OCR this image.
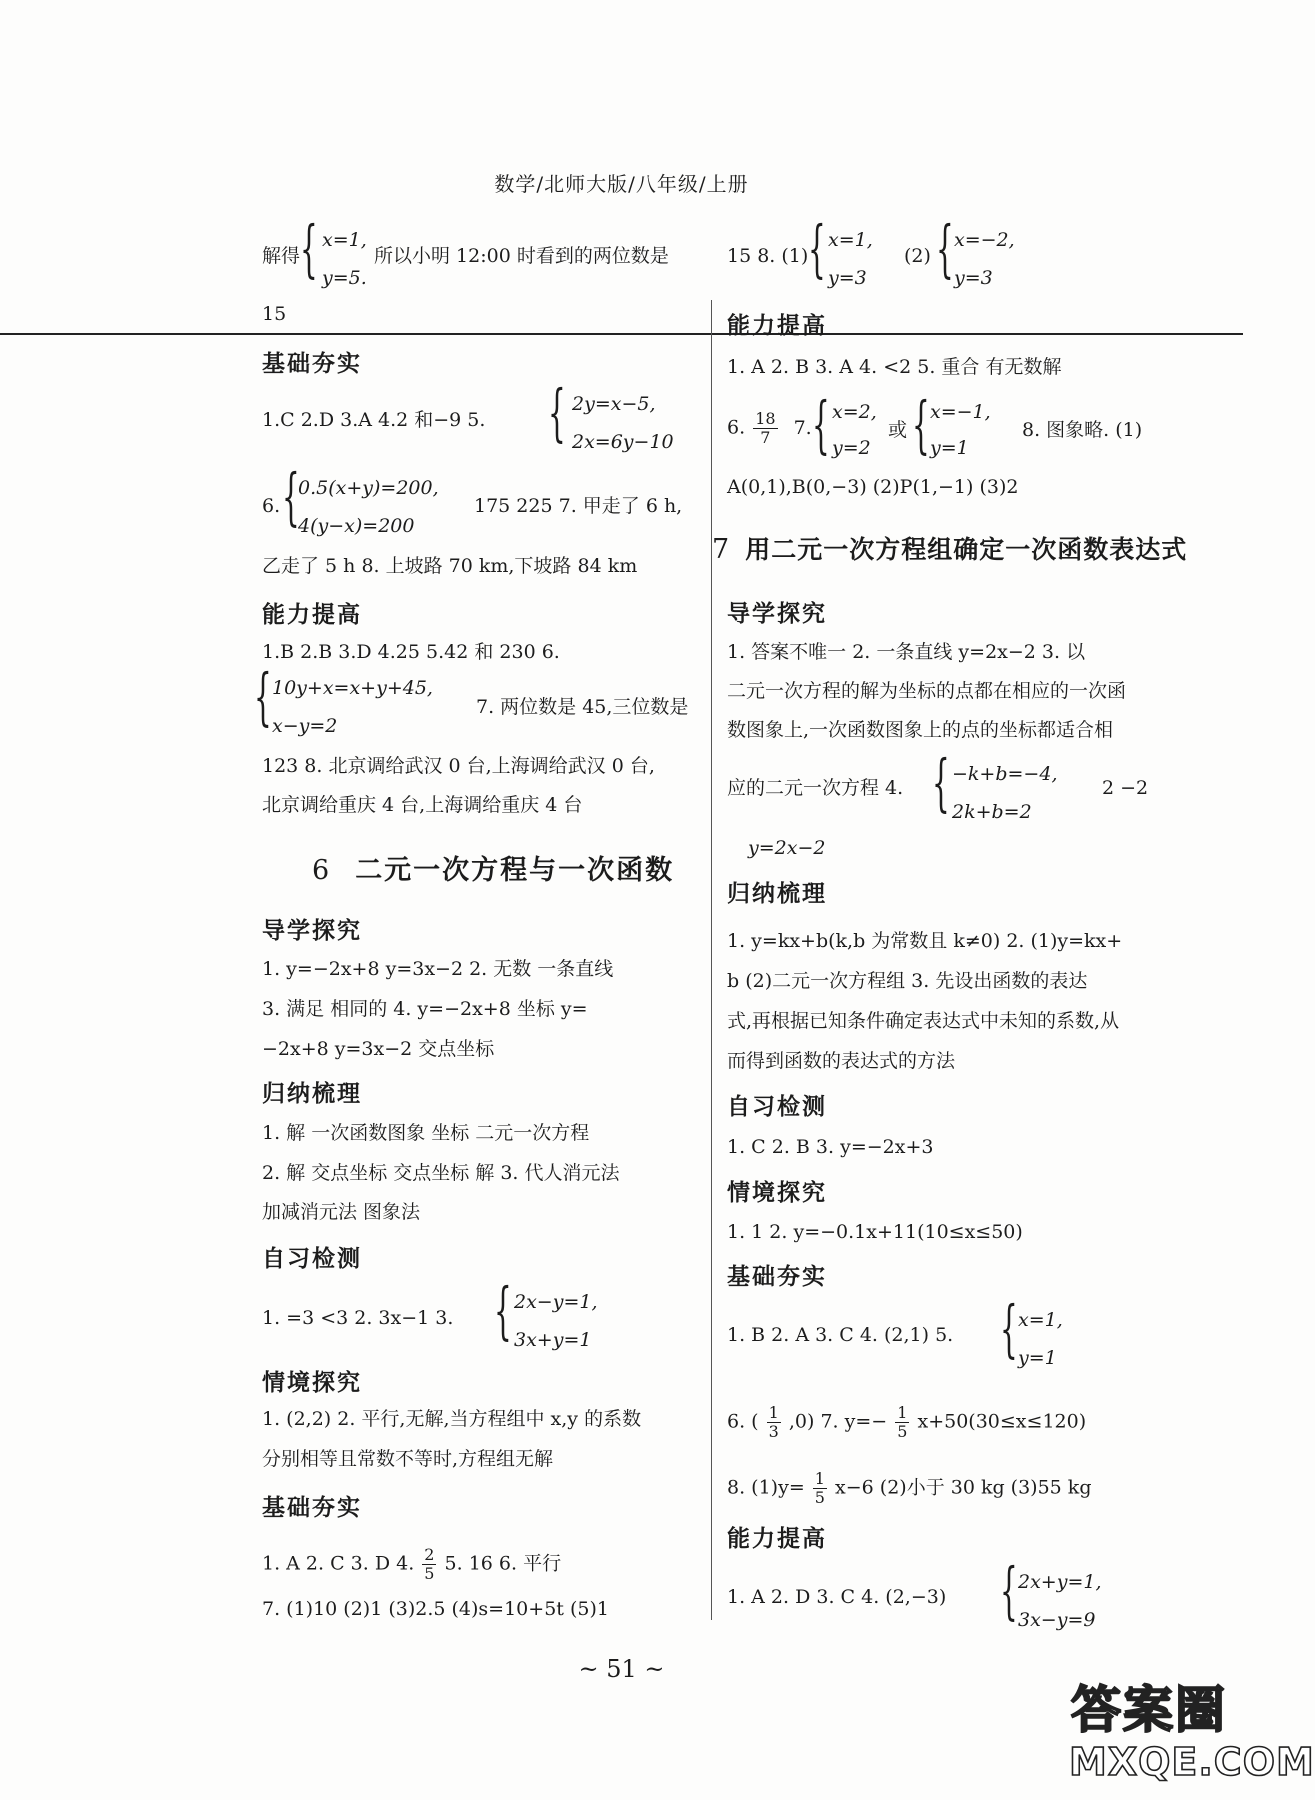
数学/北师大版/八年级/上册
解得 { x=1,
y=5.
所以小明 12:00 时看到的两位数是
15
基础夯实
1.C 2.D 3.A 4.2 和−9 5. { 2y=x−5,
2x=6y−10
6. {
0.5(x+y)=200,
4(y−x)=200
175 225 7. 甲走了 6 h,
乙走了 5 h 8. 上坡路 70 km,下坡路 84 km
能力提高
1.B 2.B 3.D 4.25 5.42 和 230 6.
{ 10y+x=x+y+45,
x−y=2
7. 两位数是 45,三位数是
123 8. 北京调给武汉 0 台,上海调给武汉 0 台,
北京调给重庆 4 台,上海调给重庆 4 台
6 二元一次方程与一次函数
导学探究
1. y=−2x+8 y=3x−2 2. 无数 一条直线
3. 满足 相同的 4. y=−2x+8 坐标 y=
−2x+8 y=3x−2 交点坐标
归纳梳理
1. 解 一次函数图象 坐标 二元一次方程
2. 解 交点坐标 交点坐标 解 3. 代人消元法
加减消元法 图象法
自习检测
1. =3 <3 2. 3x−1 3. { 2x−y=1,
3x+y=1
情境探究
1. (2,2) 2. 平行,无解,当方程组中 x,y 的系数
分别相等且常数不等时,方程组无解
基础夯实
1. A 2. C 3. D 4. $\frac{2}{5} 5$. 16 6. 平行
7. (1)10 (2)1 (3)2.5 (4)s=10+5t (5)1
15 8. (1) { x=1,
y=3
(2) { x=−2,
y=3
能力提高
1. A 2. B 3. A 4. <2 5. 重合 有无数解
6. $\frac{18}{7} 7$. { x=2,
y=2
或 { x=−1,
y=1
8. 图象略. (1)
A(0,1),B(0,−3) (2)P(1,−1) (3)2
7 用二元一次方程组确定一次函数表达式
导学探究
1. 答案不唯一 2. 一条直线 y=2x−2 3. 以
二元一次方程的解为坐标的点都在相应的一次函
数图象上,一次函数图象上的点的坐标都适合相
应的二元一次方程 4. { −k+b=−4,
2k+b=2
2 −2
y=2x−2
归纳梳理
1. y=kx+b(k,b 为常数且 k≠0) 2. (1)y=kx+
b (2)二元一次方程组 3. 先设出函数的表达
式,再根据已知条件确定表达式中未知的系数,从
而得到函数的表达式的方法
自习检测
1. C 2. B 3. y=−2x+3
情境探究
1. 1 2. y=−0.1x+11(10≤x≤50)
基础夯实
1. B 2. A 3. C 4. (2,1) 5. { x=1,
y=1
6. ( $\frac{1}{3} ,0$) 7. $y=- \frac{1}{5} x+50(30\le x\le 120)$
8. $(1)y= \frac{1}{5} x-6$ (2)小于 30 kg (3)55 kg
能力提高
1. A 2. D 3. C 4. (2,−3) { 2x+y=1,
3x−y=9
~ 51 ~
答案圈
MXQE.COM
